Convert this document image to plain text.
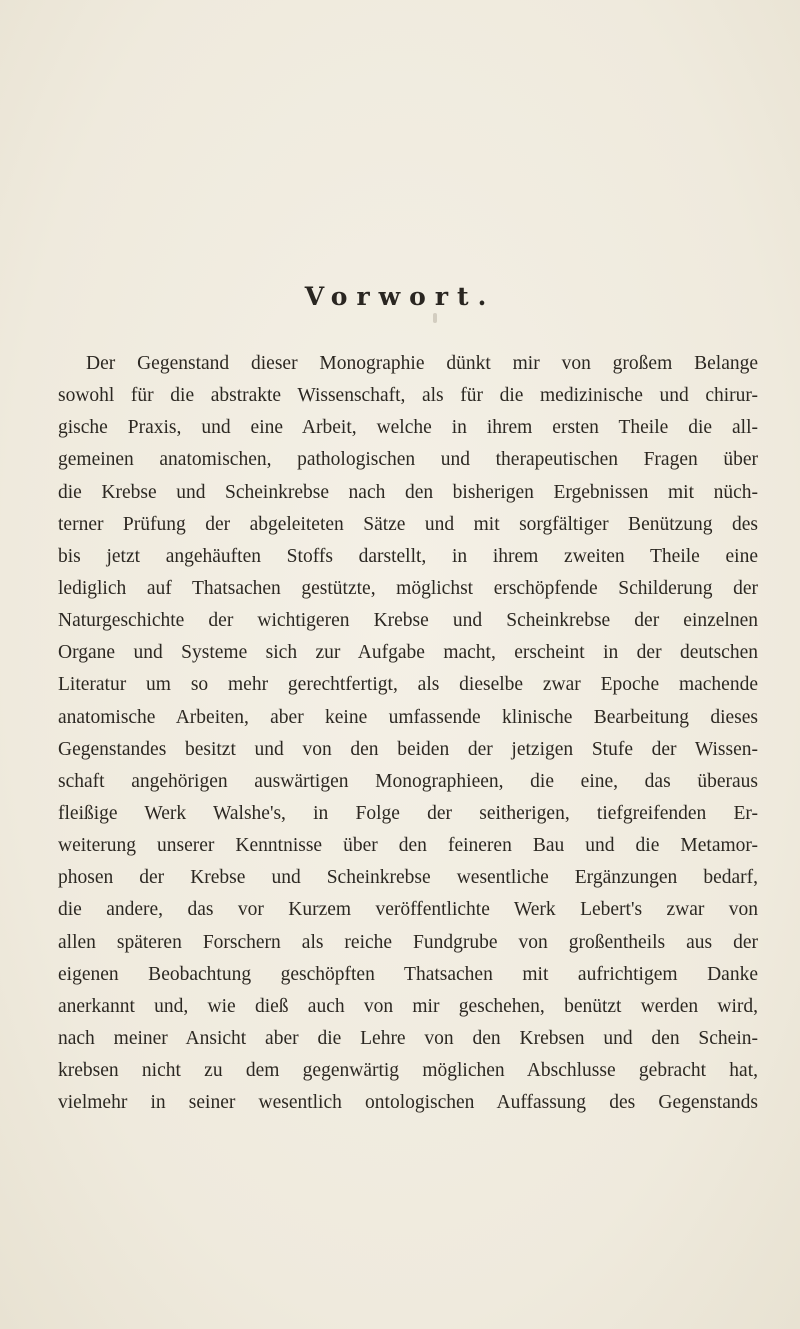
Vorwort.
Der Gegenstand dieser Monographie dünkt mir von großem Belange
sowohl für die abstrakte Wissenschaft, als für die medizinische und chirur-
gische Praxis, und eine Arbeit, welche in ihrem ersten Theile die all-
gemeinen anatomischen, pathologischen und therapeutischen Fragen über
die Krebse und Scheinkrebse nach den bisherigen Ergebnissen mit nüch-
terner Prüfung der abgeleiteten Sätze und mit sorgfältiger Benützung des
bis jetzt angehäuften Stoffs darstellt, in ihrem zweiten Theile eine
lediglich auf Thatsachen gestützte, möglichst erschöpfende Schilderung der
Naturgeschichte der wichtigeren Krebse und Scheinkrebse der einzelnen
Organe und Systeme sich zur Aufgabe macht, erscheint in der deutschen
Literatur um so mehr gerechtfertigt, als dieselbe zwar Epoche machende
anatomische Arbeiten, aber keine umfassende klinische Bearbeitung dieses
Gegenstandes besitzt und von den beiden der jetzigen Stufe der Wissen-
schaft angehörigen auswärtigen Monographieen, die eine, das überaus
fleißige Werk Walshe's, in Folge der seitherigen, tiefgreifenden Er-
weiterung unserer Kenntnisse über den feineren Bau und die Metamor-
phosen der Krebse und Scheinkrebse wesentliche Ergänzungen bedarf,
die andere, das vor Kurzem veröffentlichte Werk Lebert's zwar von
allen späteren Forschern als reiche Fundgrube von großentheils aus der
eigenen Beobachtung geschöpften Thatsachen mit aufrichtigem Danke
anerkannt und, wie dieß auch von mir geschehen, benützt werden wird,
nach meiner Ansicht aber die Lehre von den Krebsen und den Schein-
krebsen nicht zu dem gegenwärtig möglichen Abschlusse gebracht hat,
vielmehr in seiner wesentlich ontologischen Auffassung des Gegenstands
